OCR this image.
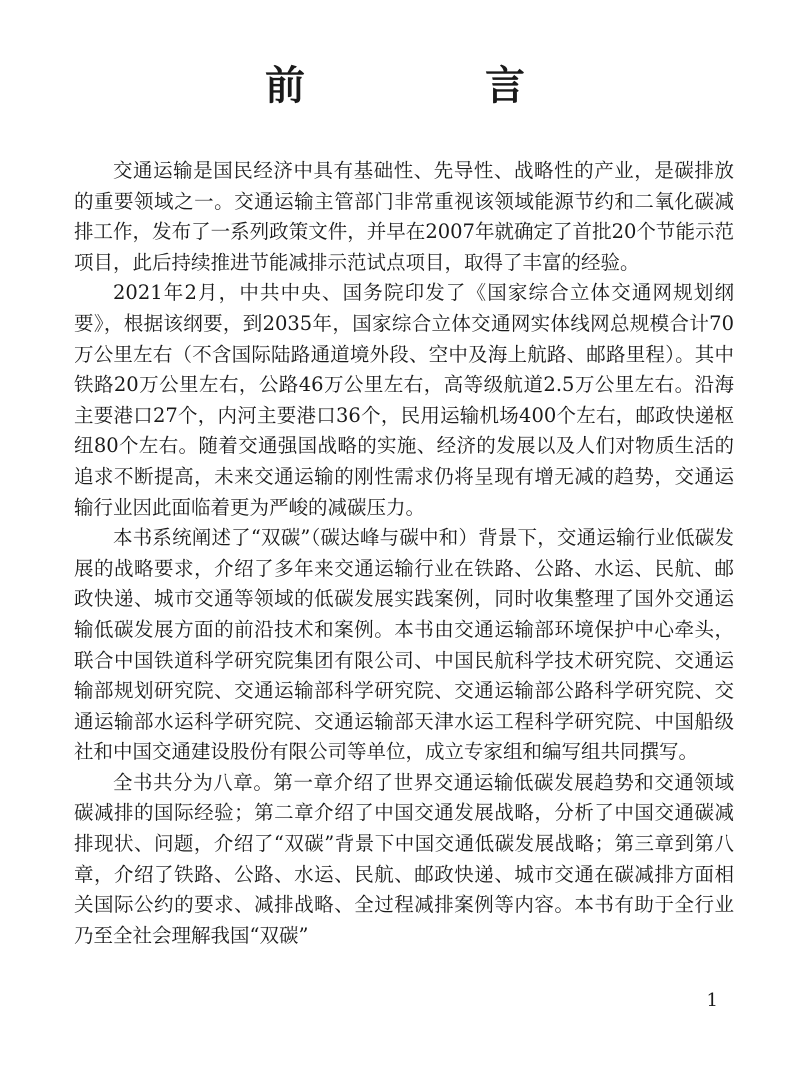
前　言

交通运输是国民经济中具有基础性、先导性、战略性的产业，是碳排放的重要领域之一。交通运输主管部门非常重视该领域能源节约和二氧化碳减排工作，发布了一系列政策文件，并早在2007年就确定了首批20个节能示范项目，此后持续推进节能减排示范试点项目，取得了丰富的经验。

2021年2月，中共中央、国务院印发了《国家综合立体交通网规划纲要》，根据该纲要，到2035年，国家综合立体交通网实体线网总规模合计70万公里左右（不含国际陆路通道境外段、空中及海上航路、邮路里程）。其中铁路20万公里左右，公路46万公里左右，高等级航道2.5万公里左右。沿海主要港口27个，内河主要港口36个，民用运输机场400个左右，邮政快递枢纽80个左右。随着交通强国战略的实施、经济的发展以及人们对物质生活的追求不断提高，未来交通运输的刚性需求仍将呈现有增无减的趋势，交通运输行业因此面临着更为严峻的减碳压力。

本书系统阐述了“双碳”（碳达峰与碳中和）背景下，交通运输行业低碳发展的战略要求，介绍了多年来交通运输行业在铁路、公路、水运、民航、邮政快递、城市交通等领域的低碳发展实践案例，同时收集整理了国外交通运输低碳发展方面的前沿技术和案例。本书由交通运输部环境保护中心牵头，联合中国铁道科学研究院集团有限公司、中国民航科学技术研究院、交通运输部规划研究院、交通运输部科学研究院、交通运输部公路科学研究院、交通运输部水运科学研究院、交通运输部天津水运工程科学研究院、中国船级社和中国交通建设股份有限公司等单位，成立专家组和编写组共同撰写。

全书共分为八章。第一章介绍了世界交通运输低碳发展趋势和交通领域碳减排的国际经验；第二章介绍了中国交通发展战略，分析了中国交通碳减排现状、问题，介绍了“双碳”背景下中国交通低碳发展战略；第三章到第八章，介绍了铁路、公路、水运、民航、邮政快递、城市交通在碳减排方面相关国际公约的要求、减排战略、全过程减排案例等内容。本书有助于全行业乃至全社会理解我国“双碳”

1
